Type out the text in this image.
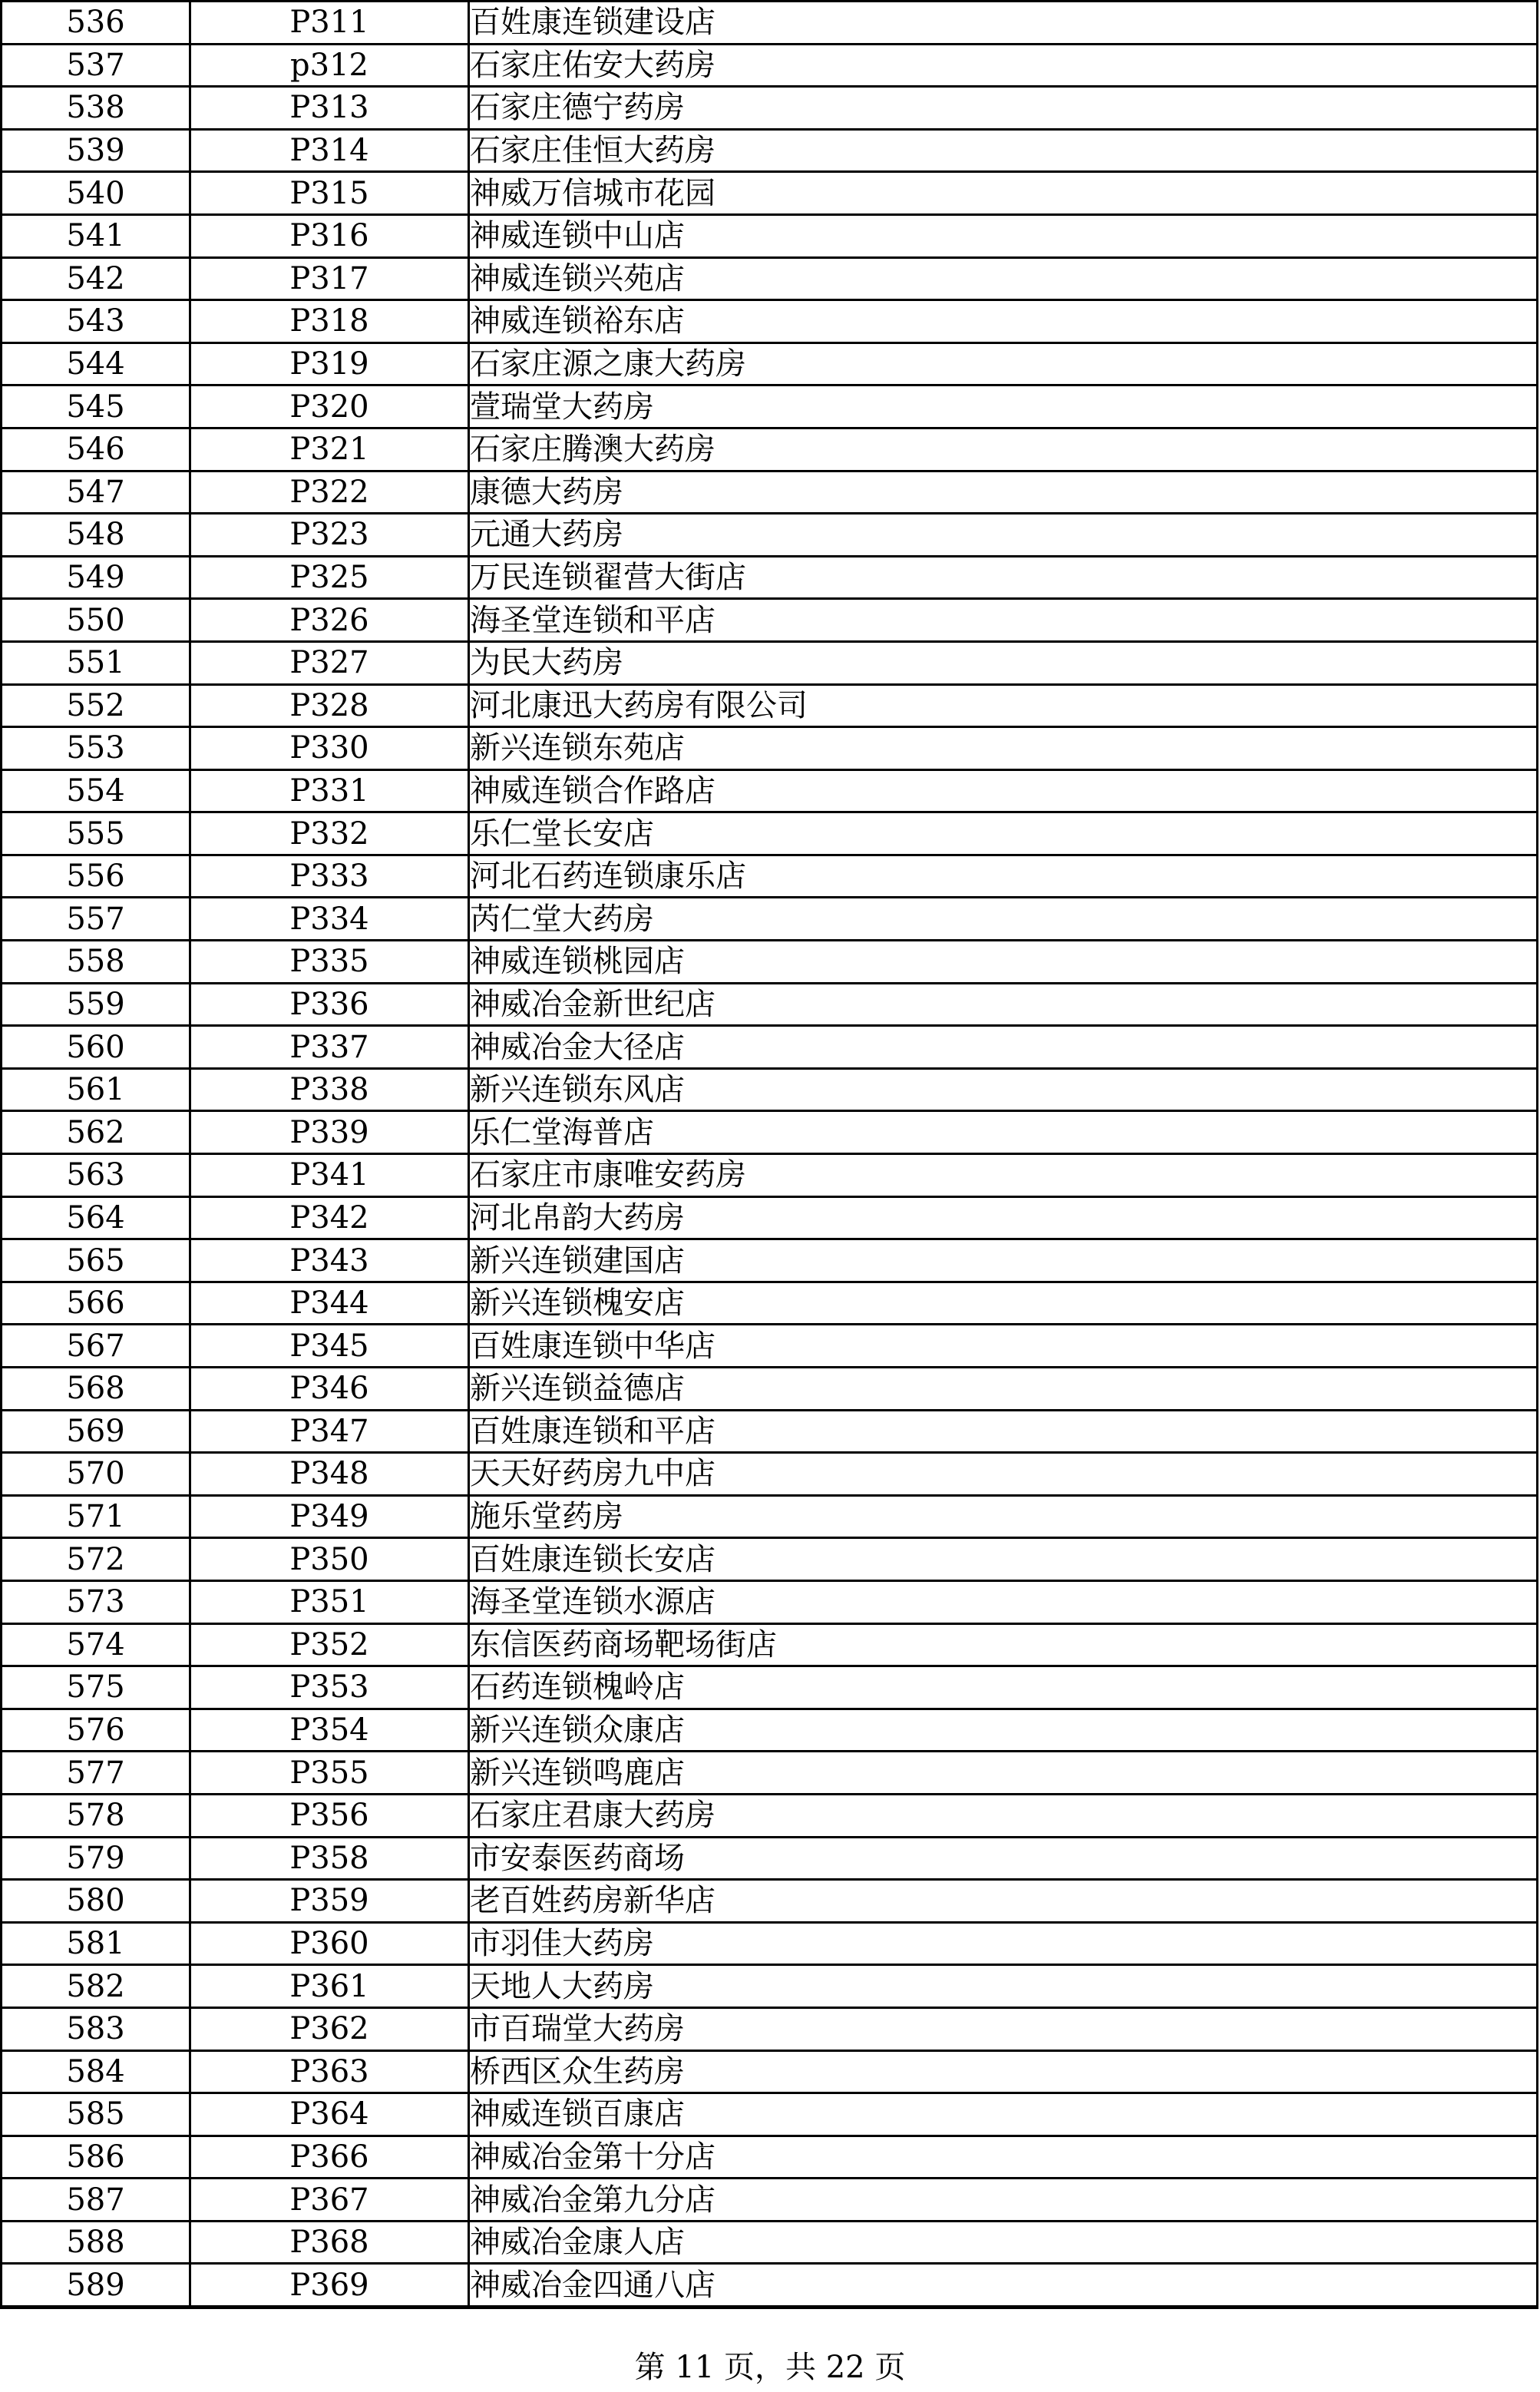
536	P311	百姓康连锁建设店
537	p312	石家庄佑安大药房
538	P313	石家庄德宁药房
539	P314	石家庄佳恒大药房
540	P315	神威万信城市花园
541	P316	神威连锁中山店
542	P317	神威连锁兴苑店
543	P318	神威连锁裕东店
544	P319	石家庄源之康大药房
545	P320	萱瑞堂大药房
546	P321	石家庄腾澳大药房
547	P322	康德大药房
548	P323	元通大药房
549	P325	万民连锁翟营大街店
550	P326	海圣堂连锁和平店
551	P327	为民大药房
552	P328	河北康迅大药房有限公司
553	P330	新兴连锁东苑店
554	P331	神威连锁合作路店
555	P332	乐仁堂长安店
556	P333	河北石药连锁康乐店
557	P334	芮仁堂大药房
558	P335	神威连锁桃园店
559	P336	神威冶金新世纪店
560	P337	神威冶金大径店
561	P338	新兴连锁东风店
562	P339	乐仁堂海普店
563	P341	石家庄市康唯安药房
564	P342	河北帛韵大药房
565	P343	新兴连锁建国店
566	P344	新兴连锁槐安店
567	P345	百姓康连锁中华店
568	P346	新兴连锁益德店
569	P347	百姓康连锁和平店
570	P348	天天好药房九中店
571	P349	施乐堂药房
572	P350	百姓康连锁长安店
573	P351	海圣堂连锁水源店
574	P352	东信医药商场靶场街店
575	P353	石药连锁槐岭店
576	P354	新兴连锁众康店
577	P355	新兴连锁鸣鹿店
578	P356	石家庄君康大药房
579	P358	市安泰医药商场
580	P359	老百姓药房新华店
581	P360	市羽佳大药房
582	P361	天地人大药房
583	P362	市百瑞堂大药房
584	P363	桥西区众生药房
585	P364	神威连锁百康店
586	P366	神威冶金第十分店
587	P367	神威冶金第九分店
588	P368	神威冶金康人店
589	P369	神威冶金四通八店
第 11 页，共 22 页
